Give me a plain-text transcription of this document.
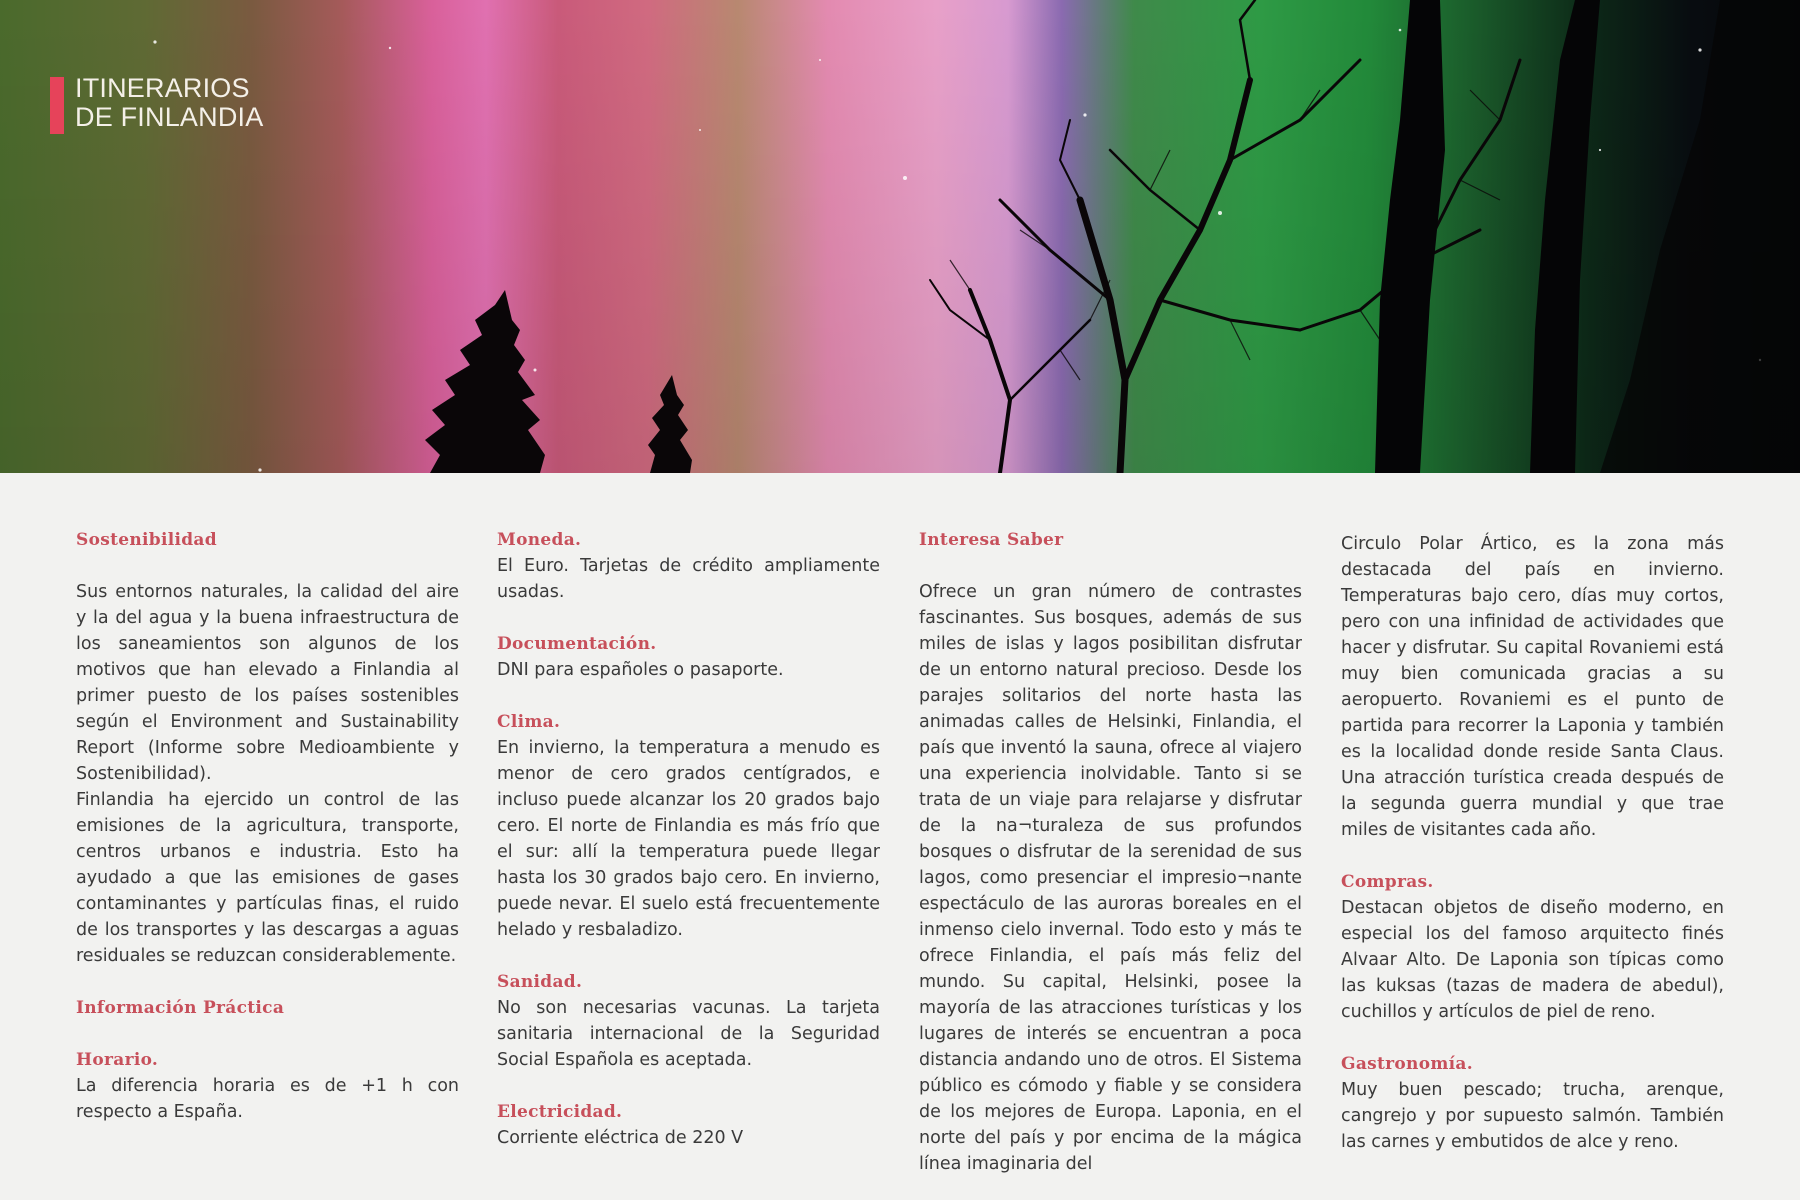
ITINERARIOS
DE FINLANDIA
Sostenibilidad

Sus entornos naturales, la calidad del aire y la del agua y la buena infraestructura de los saneamientos son algunos de los motivos que han elevado a Finlandia al primer puesto de los países sostenibles según el Environment and Sustainability Report (Informe sobre Medioambiente y Sostenibilidad).

Finlandia ha ejercido un control de las emisiones de la agricultura, transporte, centros urbanos e industria. Esto ha ayudado a que las emisiones de gases contaminantes y partículas finas, el ruido de los transportes y las descargas a aguas residuales se reduzcan considerablemente.

Información Práctica
Horario.

La diferencia horaria es de +1 h con respecto a España.

Moneda.

El Euro. Tarjetas de crédito ampliamente usadas.

Documentación.

DNI para españoles o pasaporte.

Clima.

En invierno, la temperatura a menudo es menor de cero grados centígrados, e incluso puede alcanzar los 20 grados bajo cero. El norte de Finlandia es más frío que el sur: allí la temperatura puede llegar hasta los 30 grados bajo cero. En invierno, puede nevar. El suelo está frecuentemente helado y resbaladizo.

Sanidad.

No son necesarias vacunas. La tarjeta sanitaria internacional de la Seguridad Social Española es aceptada.

Electricidad.

Corriente eléctrica de 220 V

Interesa Saber

Ofrece un gran número de contrastes fascinantes. Sus bosques, además de sus miles de islas y lagos posibilitan disfrutar de un entorno natural precioso. Desde los parajes solitarios del norte hasta las animadas calles de Helsinki, Finlandia, el país que inventó la sauna, ofrece al viajero una experiencia inolvidable. Tanto si se trata de un viaje para relajarse y disfrutar de la na¬turaleza de sus profundos bosques o disfrutar de la serenidad de sus lagos, como presenciar el impresio¬nante espectáculo de las auroras boreales en el inmenso cielo invernal. Todo esto y más te ofrece Finlandia, el país más feliz del mundo. Su capital, Helsinki, posee la mayoría de las atracciones turísticas y los lugares de interés se encuentran a poca distancia andando uno de otros. El Sistema público es cómodo y fiable y se considera de los mejores de Europa. Laponia, en el norte del país y por encima de la mágica línea imaginaria del

Circulo Polar Ártico, es la zona más destacada del país en invierno. Temperaturas bajo cero, días muy cortos, pero con una infinidad de actividades que hacer y disfrutar. Su capital Rovaniemi está muy bien comunicada gracias a su aeropuerto. Rovaniemi es el punto de partida para recorrer la Laponia y también es la localidad donde reside Santa Claus. Una atracción turística creada después de la segunda guerra mundial y que trae miles de visitantes cada año.

Compras.

Destacan objetos de diseño moderno, en especial los del famoso arquitecto finés Alvaar Alto. De Laponia son típicas como las kuksas (tazas de madera de abedul), cuchillos y artículos de piel de reno.

Gastronomía.

Muy buen pescado; trucha, arenque, cangrejo y por supuesto salmón. También las carnes y embutidos de alce y reno.
